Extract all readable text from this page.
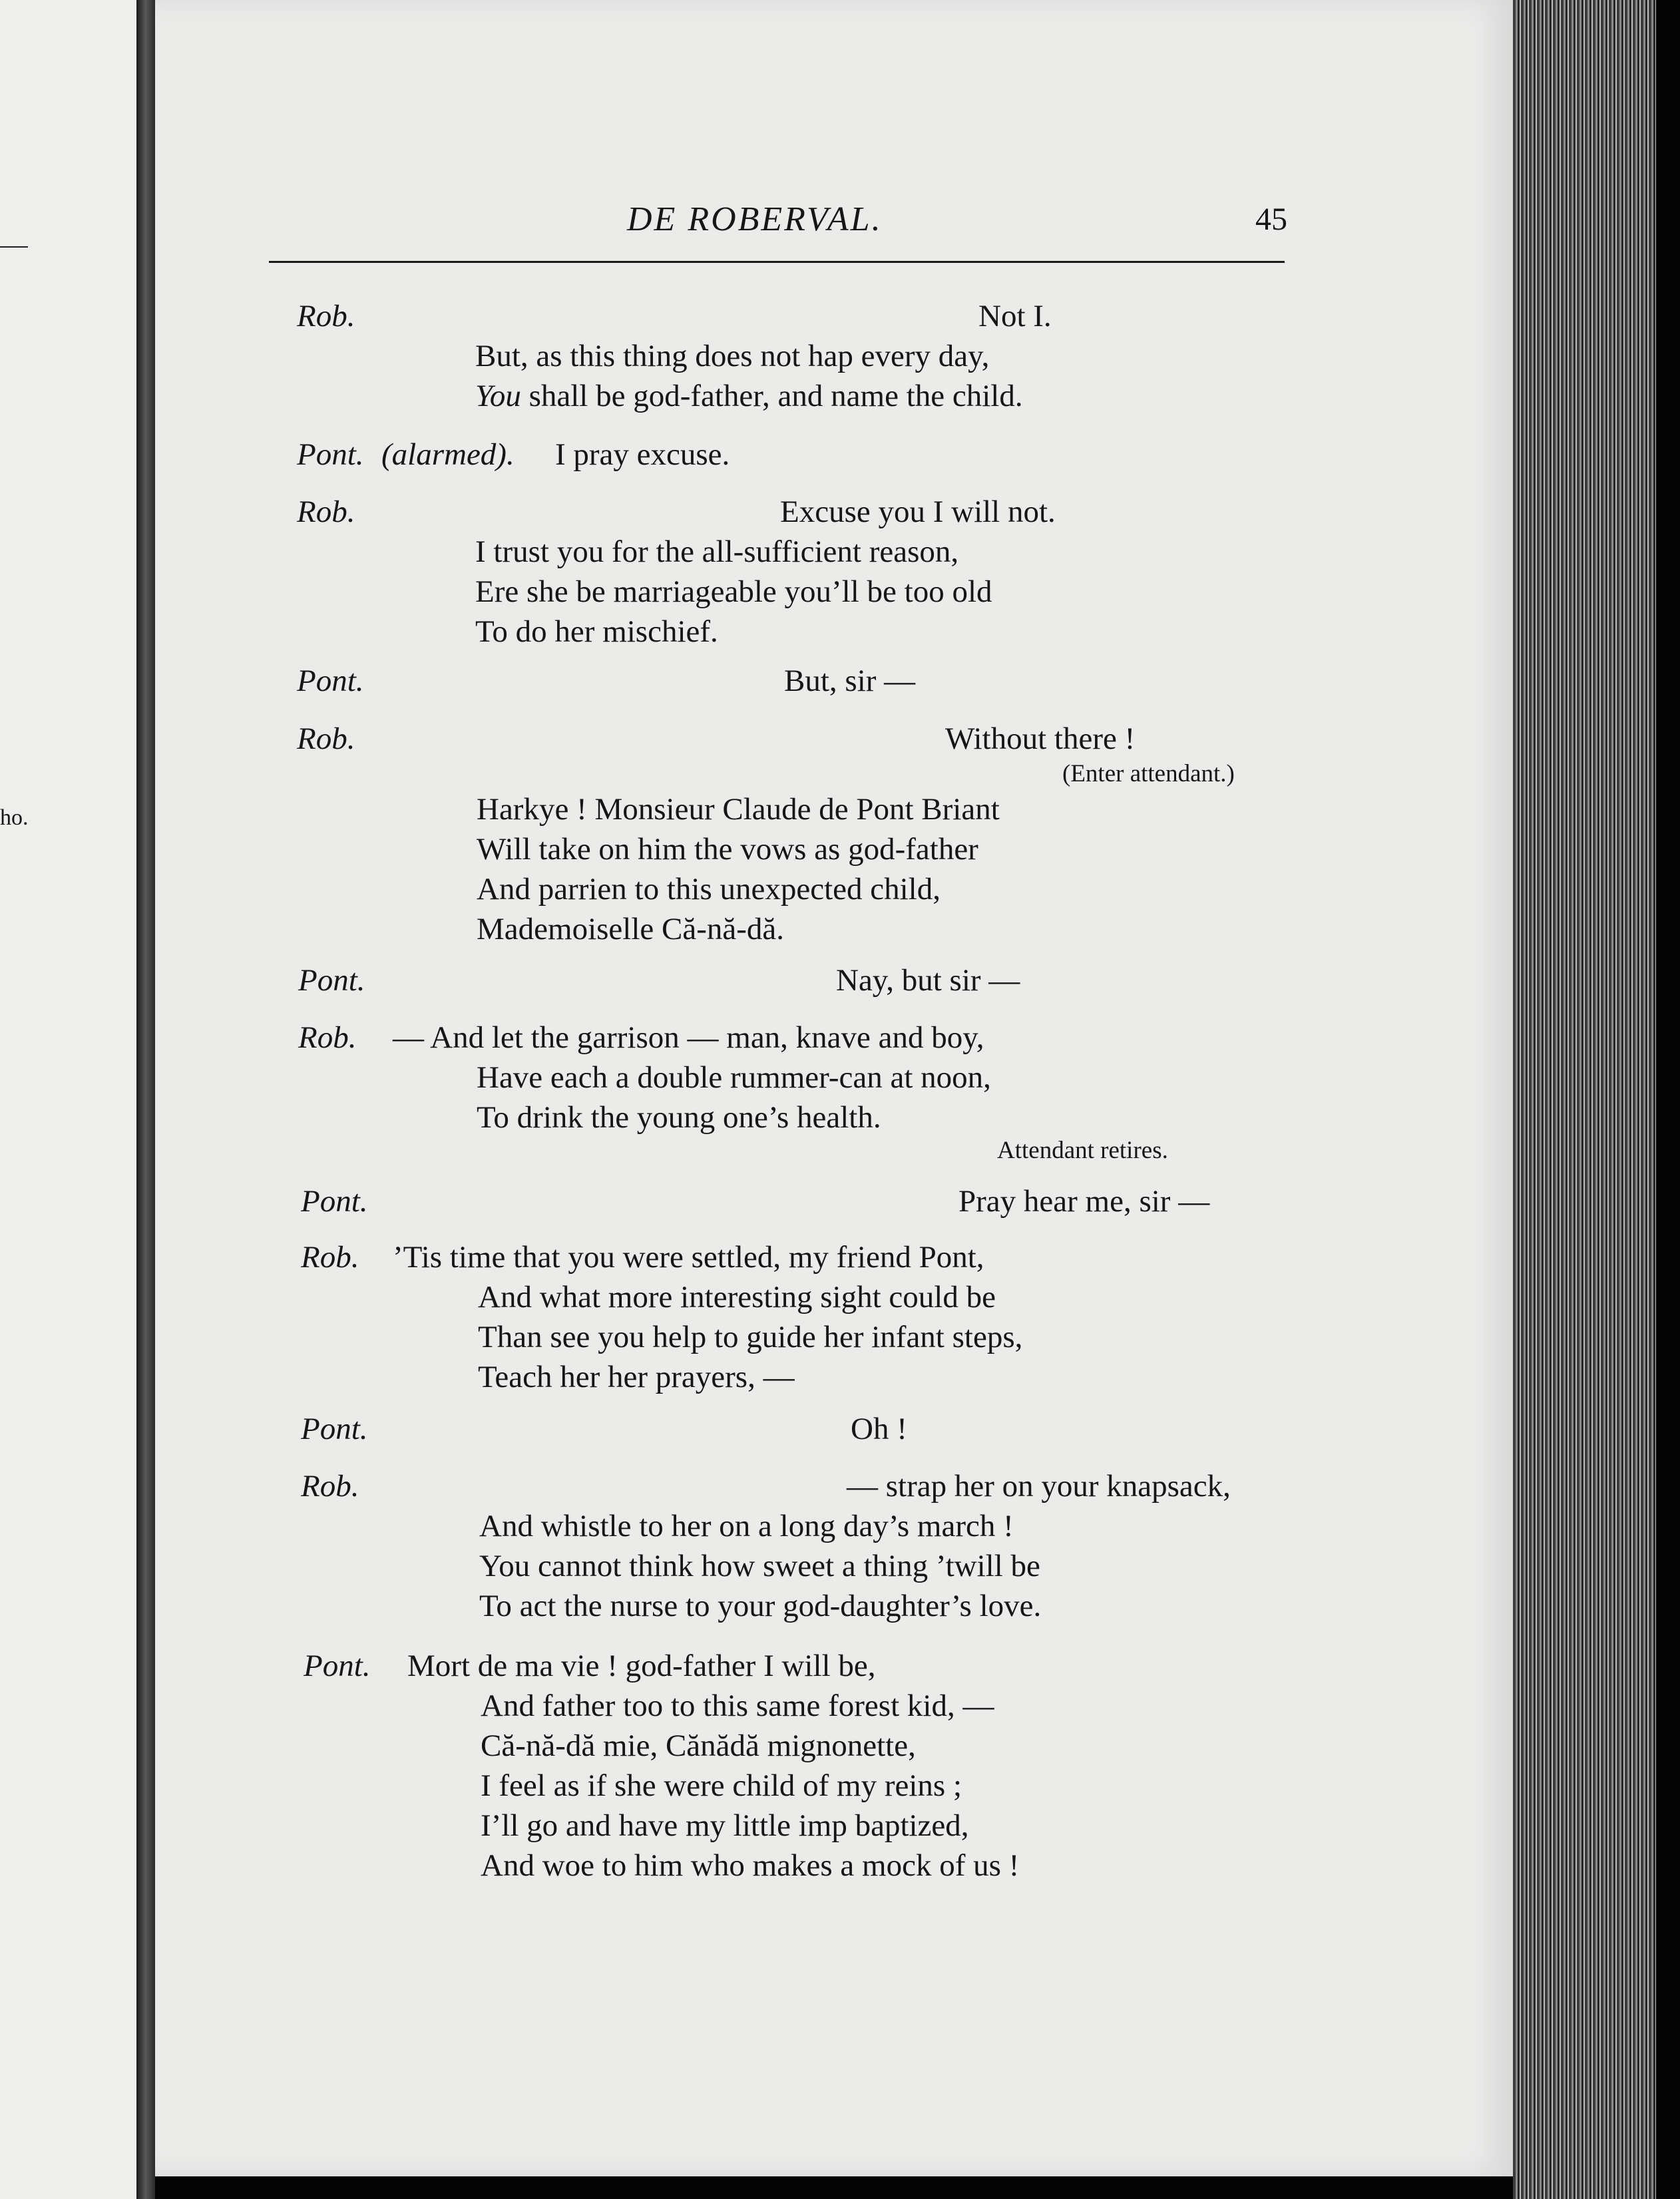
ho.
DE ROBERVAL.	45
Rob.	Not I.
But, as this thing does not hap every day,
You shall be god-father, and name the child.
Pont. (alarmed). I pray excuse.
Rob.	Excuse you I will not.
I trust you for the all-sufficient reason,
Ere she be marriageable you’ll be too old
To do her mischief.
Pont.	But, sir —
Rob.	Without there !
(Enter attendant.)
Harkye ! Monsieur Claude de Pont Briant
Will take on him the vows as god-father
And parrien to this unexpected child,
Mademoiselle Că-nă-dă.
Pont.	Nay, but sir —
Rob. — And let the garrison — man, knave and boy,
Have each a double rummer-can at noon,
To drink the young one’s health.
Attendant retires.
Pont.	Pray hear me, sir —
Rob. ’Tis time that you were settled, my friend Pont,
And what more interesting sight could be
Than see you help to guide her infant steps,
Teach her her prayers, —
Pont.	Oh !
Rob.	— strap her on your knapsack,
And whistle to her on a long day’s march !
You cannot think how sweet a thing ’twill be
To act the nurse to your god-daughter’s love.
Pont. Mort de ma vie ! god-father I will be,
And father too to this same forest kid, —
Că-nă-dă mie, Cănădă mignonette,
I feel as if she were child of my reins ;
I’ll go and have my little imp baptized,
And woe to him who makes a mock of us !
